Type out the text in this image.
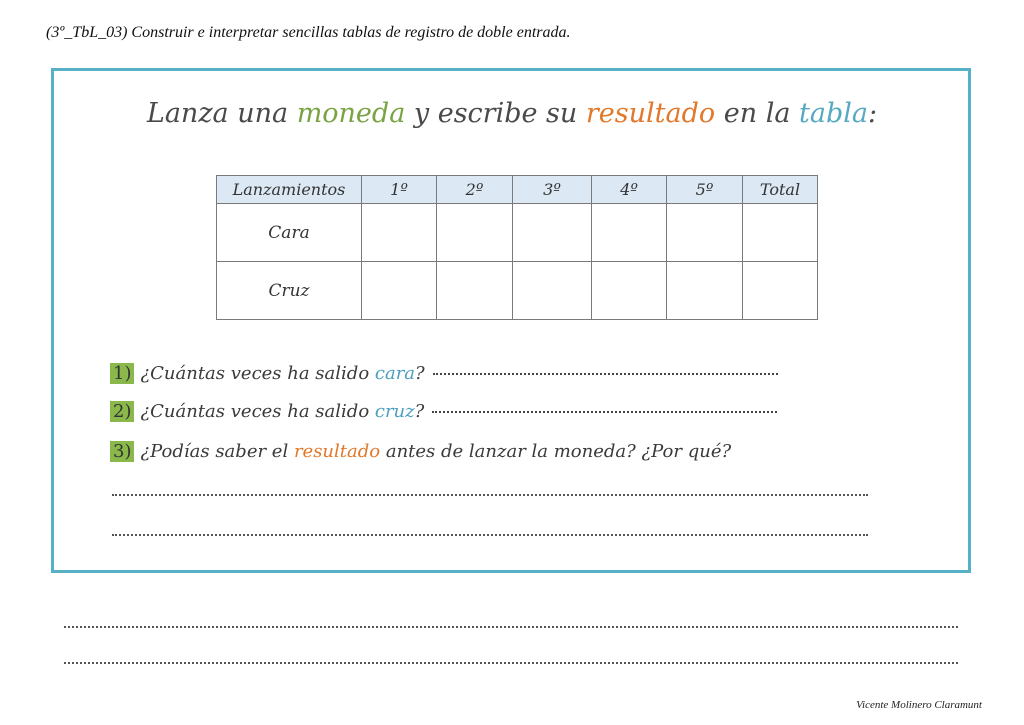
(3º_TbL_03) Construir e interpretar sencillas tablas de registro de doble entrada.
Lanza una moneda y escribe su resultado en la tabla:
Lanzamientos	1º	2º	3º	4º	5º	Total
Cara						
Cruz						
1) ¿Cuántas veces ha salido cara?
2) ¿Cuántas veces ha salido cruz?
3) ¿Podías saber el resultado antes de lanzar la moneda? ¿Por qué?
Vicente Molinero Claramunt
